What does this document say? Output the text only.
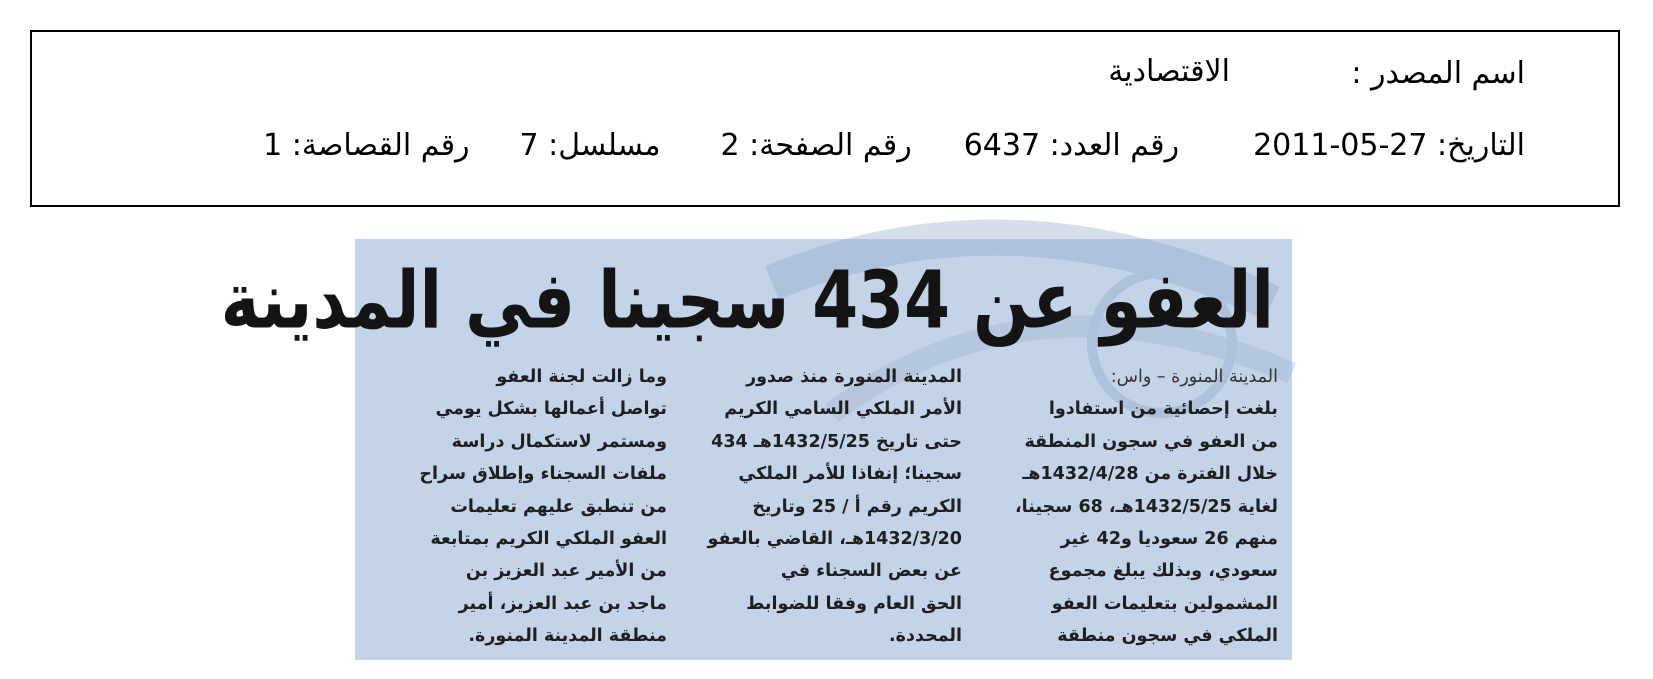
اسم المصدر :
الاقتصادية
التاريخ: 27-05-2011
رقم العدد: 6437
رقم الصفحة: 2
مسلسل: 7
رقم القصاصة: 1
العفو عن 434 سجينا في المدينة
المدينة المنورة – واس:
بلغت إحصائية من استفادوا
من العفو في سجون المنطقة
خلال الفترة من 1432/4/28هـ
لغاية 1432/5/25هـ، 68 سجينا،
منهم 26 سعوديا و42 غير
سعودي، وبذلك يبلغ مجموع
المشمولين بتعليمات العفو
الملكي في سجون منطقة
المدينة المنورة منذ صدور
الأمر الملكي السامي الكريم
حتى تاريخ 1432/5/25هـ 434
سجينا؛ إنفاذا للأمر الملكي
الكريم رقم أ / 25 وتاريخ
1432/3/20هـ، القاضي بالعفو
عن بعض السجناء في
الحق العام وفقا للضوابط
المحددة.
وما زالت لجنة العفو
تواصل أعمالها بشكل يومي
ومستمر لاستكمال دراسة
ملفات السجناء وإطلاق سراح
من تنطبق عليهم تعليمات
العفو الملكي الكريم بمتابعة
من الأمير عبد العزيز بن
ماجد بن عبد العزيز، أمير
منطقة المدينة المنورة.
